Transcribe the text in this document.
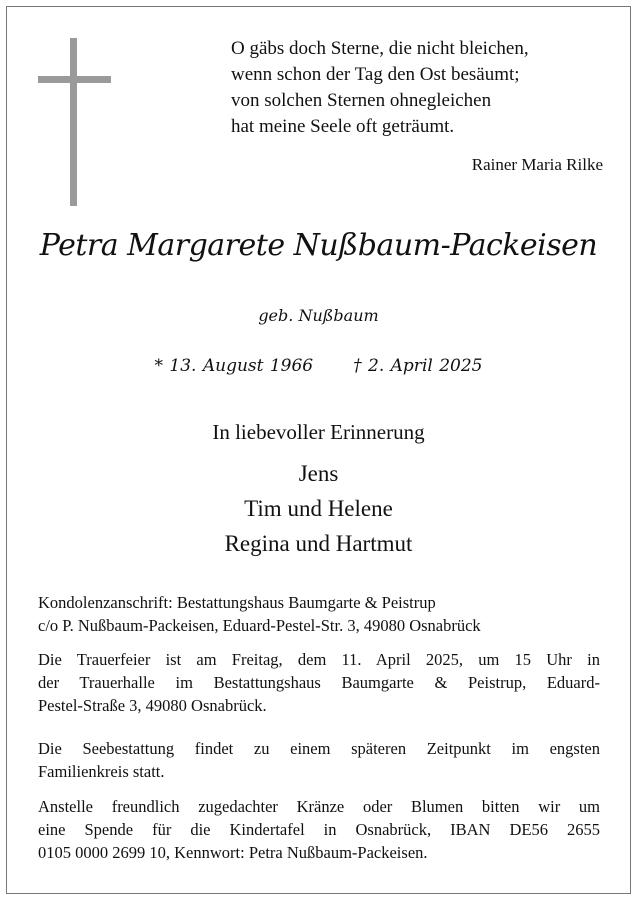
O gäbs doch Sterne, die nicht bleichen,
wenn schon der Tag den Ost besäumt;
von solchen Sternen ohnegleichen
hat meine Seele oft geträumt.
Rainer Maria Rilke
Petra Margarete Nußbaum-Packeisen
geb. Nußbaum
* 13. August 1966 † 2. April 2025
In liebevoller Erinnerung
Jens
Tim und Helene
Regina und Hartmut
Kondolenzanschrift: Bestattungshaus Baumgarte & Peistrup
c/o P. Nußbaum-Packeisen, Eduard-Pestel-Str. 3, 49080 Osnabrück
Die Trauerfeier ist am Freitag, dem 11. April 2025, um 15 Uhr in
der Trauerhalle im Bestattungshaus Baumgarte & Peistrup, Eduard-
Pestel-Straße 3, 49080 Osnabrück.
Die Seebestattung findet zu einem späteren Zeitpunkt im engsten
Familienkreis statt.
Anstelle freundlich zugedachter Kränze oder Blumen bitten wir um
eine Spende für die Kindertafel in Osnabrück, IBAN DE56 2655
0105 0000 2699 10, Kennwort: Petra Nußbaum-Packeisen.
